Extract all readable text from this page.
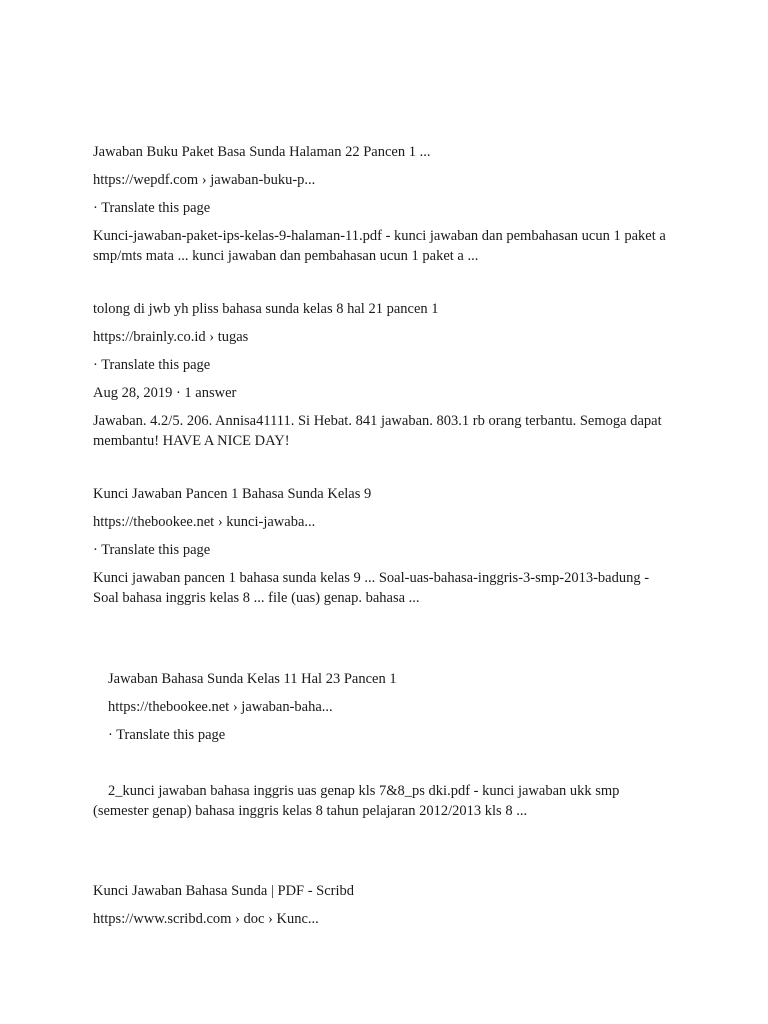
Jawaban Buku Paket Basa Sunda Halaman 22 Pancen 1 ...

https://wepdf.com › jawaban-buku-p...

· Translate this page

Kunci-jawaban-paket-ips-kelas-9-halaman-11.pdf - kunci jawaban dan pembahasan ucun 1 paket a smp/mts mata ... kunci jawaban dan pembahasan ucun 1 paket a ...

tolong di jwb yh pliss bahasa sunda kelas 8 hal 21 pancen 1

https://brainly.co.id › tugas

· Translate this page

Aug 28, 2019 · 1 answer

Jawaban. 4.2/5. 206. Annisa41111. Si Hebat. 841 jawaban. 803.1 rb orang terbantu. Semoga dapat membantu! HAVE A NICE DAY!

Kunci Jawaban Pancen 1 Bahasa Sunda Kelas 9

https://thebookee.net › kunci-jawaba...

· Translate this page

Kunci jawaban pancen 1 bahasa sunda kelas 9 ... Soal-uas-bahasa-inggris-3-smp-2013-badung - Soal bahasa inggris kelas 8 ... file (uas) genap. bahasa ...

Jawaban Bahasa Sunda Kelas 11 Hal 23 Pancen 1

https://thebookee.net › jawaban-baha...

· Translate this page

2_kunci jawaban bahasa inggris uas genap kls 7&8_ps dki.pdf - kunci jawaban ukk smp (semester genap) bahasa inggris kelas 8 tahun pelajaran 2012/2013 kls 8 ...

Kunci Jawaban Bahasa Sunda | PDF - Scribd

https://www.scribd.com › doc › Kunc...
